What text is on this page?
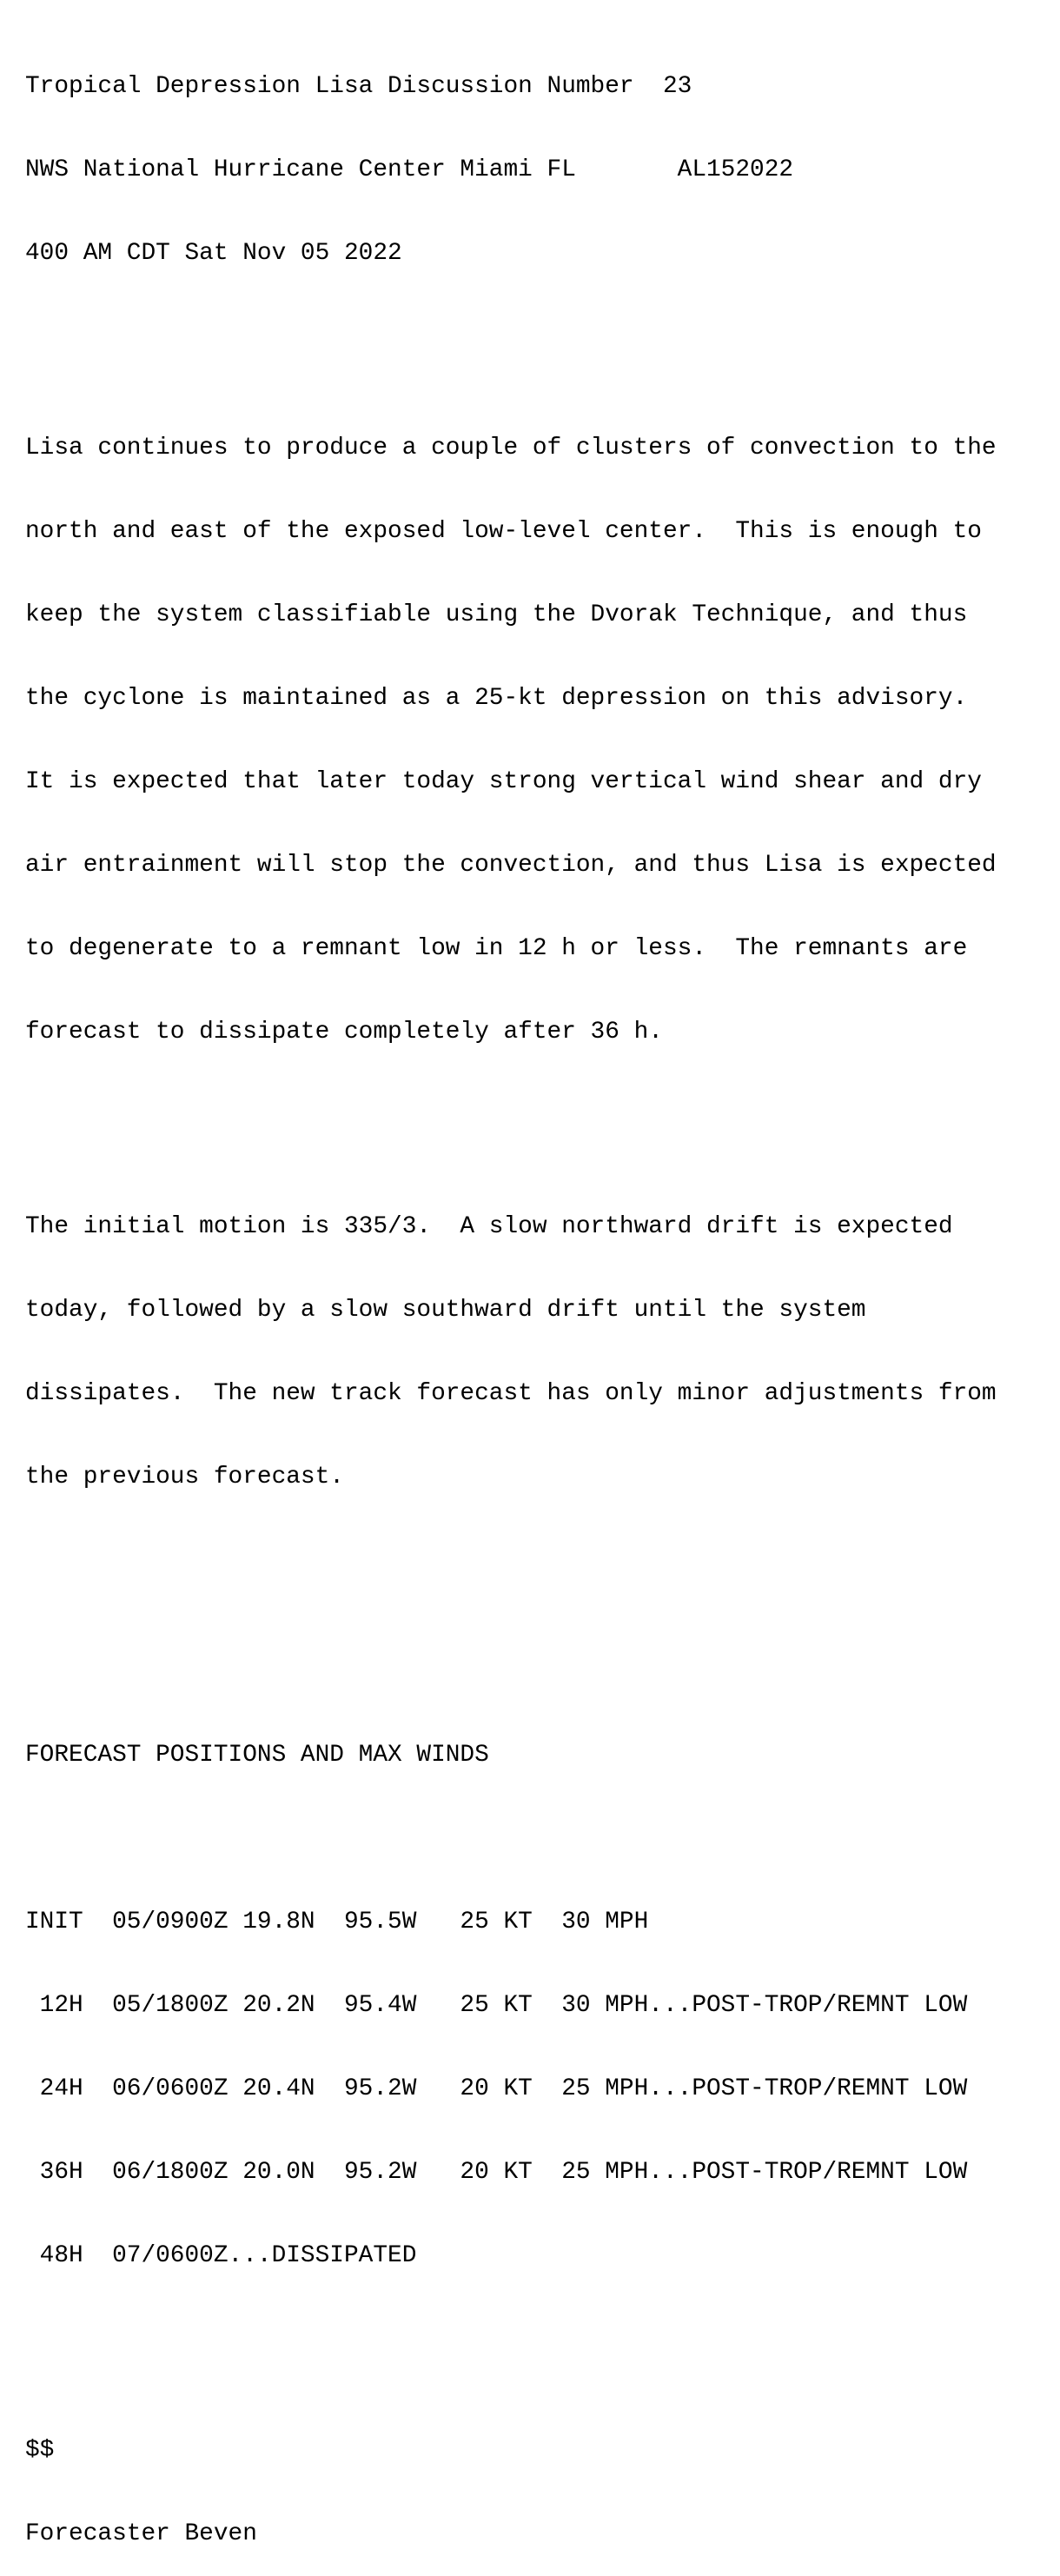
Tropical Depression Lisa Discussion Number  23

NWS National Hurricane Center Miami FL       AL152022

400 AM CDT Sat Nov 05 2022

Lisa continues to produce a couple of clusters of convection to the

north and east of the exposed low-level center.  This is enough to

keep the system classifiable using the Dvorak Technique, and thus

the cyclone is maintained as a 25-kt depression on this advisory.

It is expected that later today strong vertical wind shear and dry

air entrainment will stop the convection, and thus Lisa is expected

to degenerate to a remnant low in 12 h or less.  The remnants are

forecast to dissipate completely after 36 h.

The initial motion is 335/3.  A slow northward drift is expected

today, followed by a slow southward drift until the system

dissipates.  The new track forecast has only minor adjustments from

the previous forecast.

FORECAST POSITIONS AND MAX WINDS

INIT  05/0900Z 19.8N  95.5W   25 KT  30 MPH

12H  05/1800Z 20.2N  95.4W   25 KT  30 MPH...POST-TROP/REMNT LOW

24H  06/0600Z 20.4N  95.2W   20 KT  25 MPH...POST-TROP/REMNT LOW

36H  06/1800Z 20.0N  95.2W   20 KT  25 MPH...POST-TROP/REMNT LOW

48H  07/0600Z...DISSIPATED

$$

Forecaster Beven
